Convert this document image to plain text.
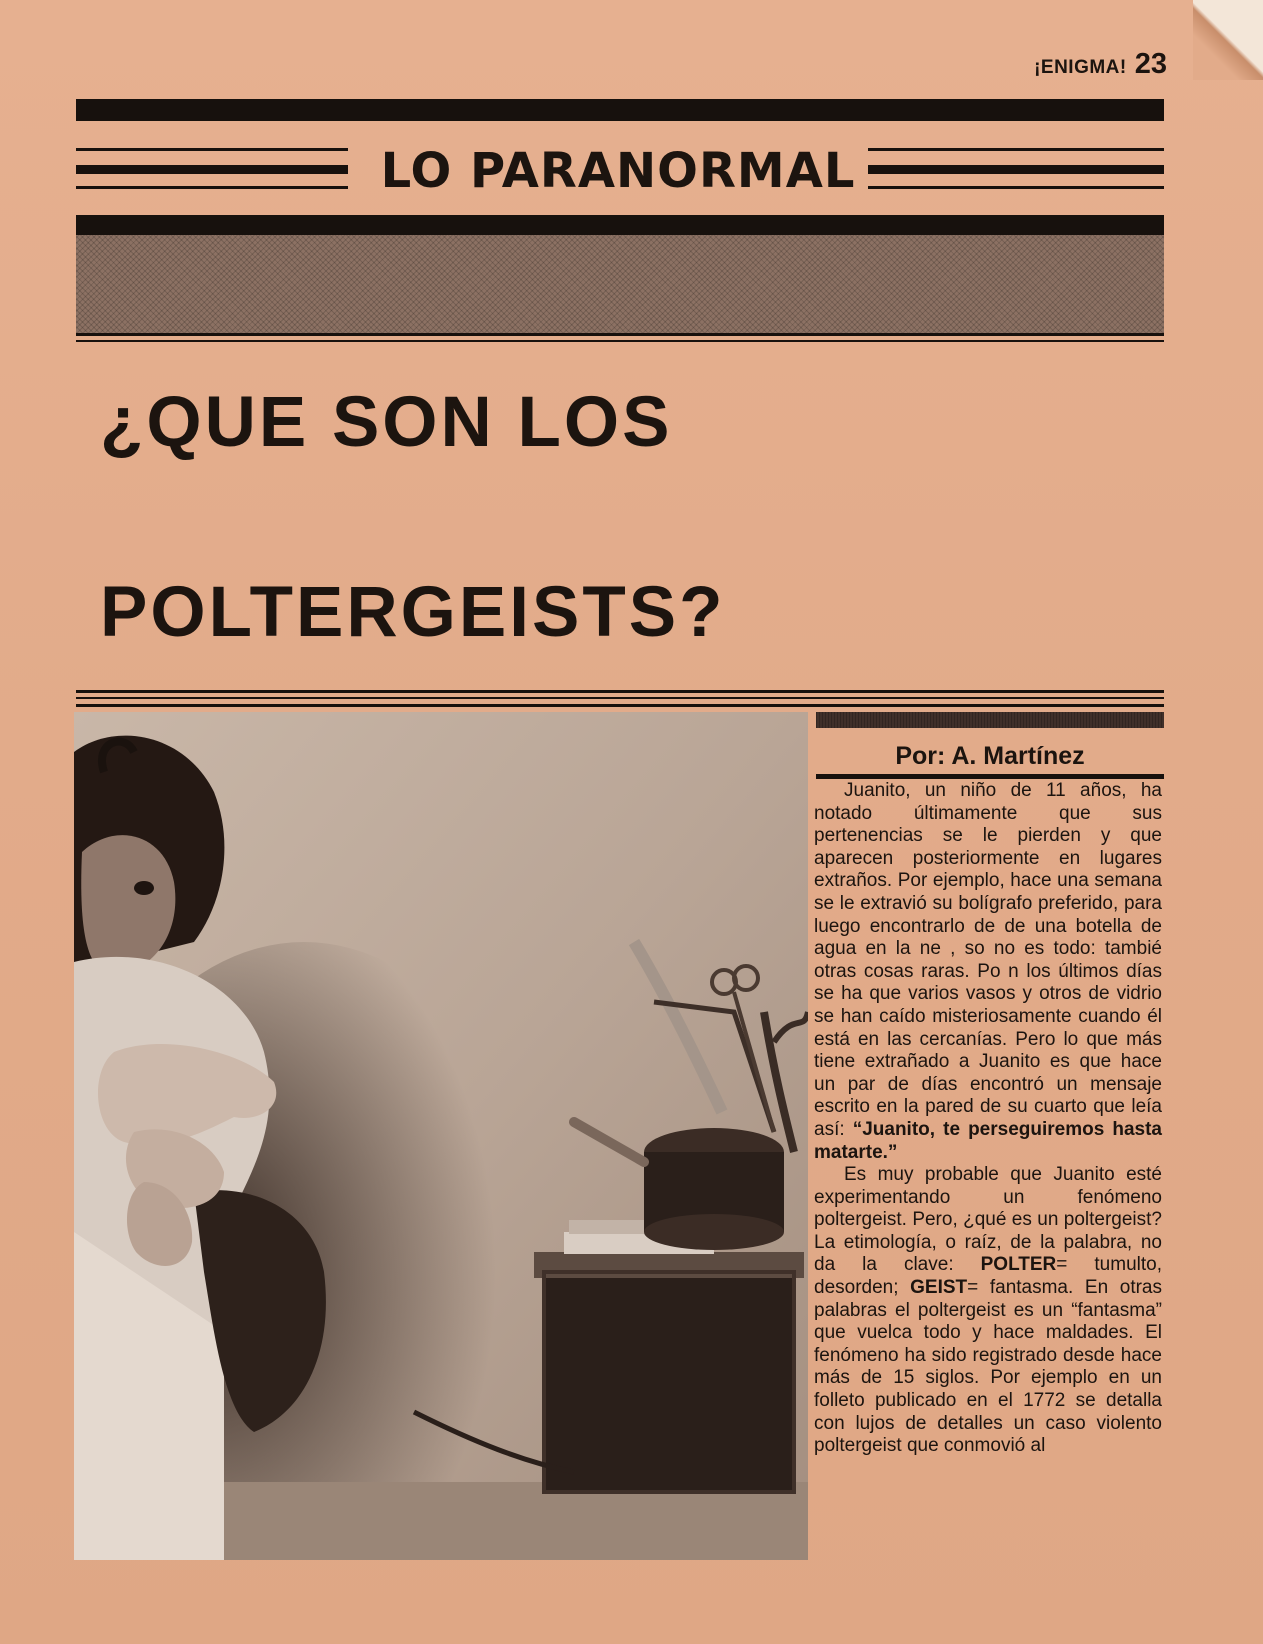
¡ENIGMA! 23
LO PARANORMAL
¿QUE SON LOS
POLTERGEISTS?
Por: A. Martínez

Juanito, un niño de 11 años, ha notado últimamente que sus pertenencias se le pierden y que aparecen posteriormente en lugares extraños. Por ejemplo, hace una semana se le extravió su bolígrafo preferido, para luego encontrarlo de de una botella de agua en la ne , so no es todo: tambié otras cosas raras. Po n los últimos días se ha que varios vasos y otros de vidrio se han caído misteriosamente cuando él está en las cercanías. Pero lo que más tiene extrañado a Juanito es que hace un par de días encontró un mensaje escrito en la pared de su cuarto que leía así: “Juanito, te perseguiremos hasta matarte.”

Es muy probable que Juanito esté experimentando un fenómeno poltergeist. Pero, ¿qué es un poltergeist? La etimología, o raíz, de la palabra, no da la clave: POLTER= tumulto, desorden; GEIST= fantasma. En otras palabras el poltergeist es un “fantasma” que vuelca todo y hace maldades. El fenómeno ha sido registrado desde hace más de 15 siglos. Por ejemplo en un folleto publicado en el 1772 se detalla con lujos de detalles un caso violento poltergeist que conmovió al
